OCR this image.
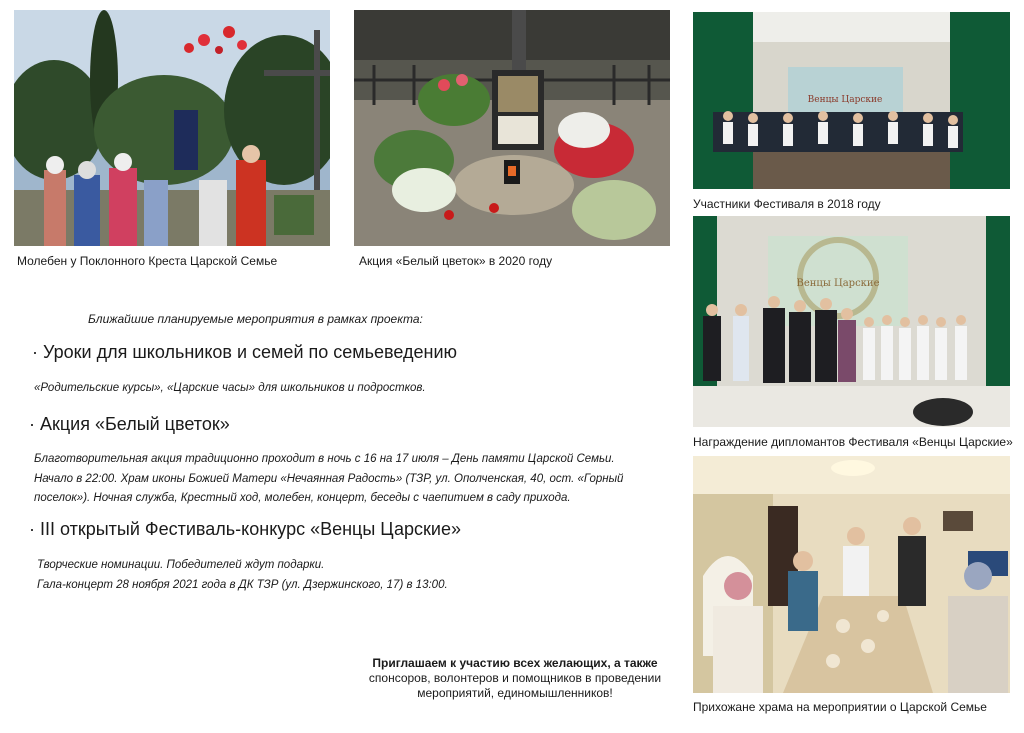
Молебен у Поклонного Креста Царской Семье	Акция «Белый цветок» в 2020 году
Венцы Царские
Участники Фестиваля в 2018 году
Венцы Царские
Награждение дипломантов Фестиваля «Венцы Царские»
Прихожане храма на мероприятии о Царской Семье
Ближайшие планируемые мероприятия в рамках проекта:
· Уроки для школьников и семей по семьеведению
«Родительские курсы», «Царские часы» для школьников и подростков.
· Акция «Белый цветок»
Благотворительная акция традиционно проходит в ночь с 16 на 17 июля – День памяти Царской Семьи.
Начало в 22:00. Храм иконы Божией Матери «Нечаянная Радость» (ТЗР, ул. Ополченская, 40, ост. «Горный
поселок»). Ночная служба, Крестный ход, молебен, концерт, беседы с чаепитием в саду прихода.
· III открытый Фестиваль-конкурс «Венцы Царские»
Творческие номинации. Победителей ждут подарки.
Гала-концерт 28 ноября 2021 года в ДК ТЗР (ул. Дзержинского, 17) в 13:00.
Приглашаем к участию всех желающих, а также
спонсоров, волонтеров и помощников в проведении
мероприятий, единомышленников!
